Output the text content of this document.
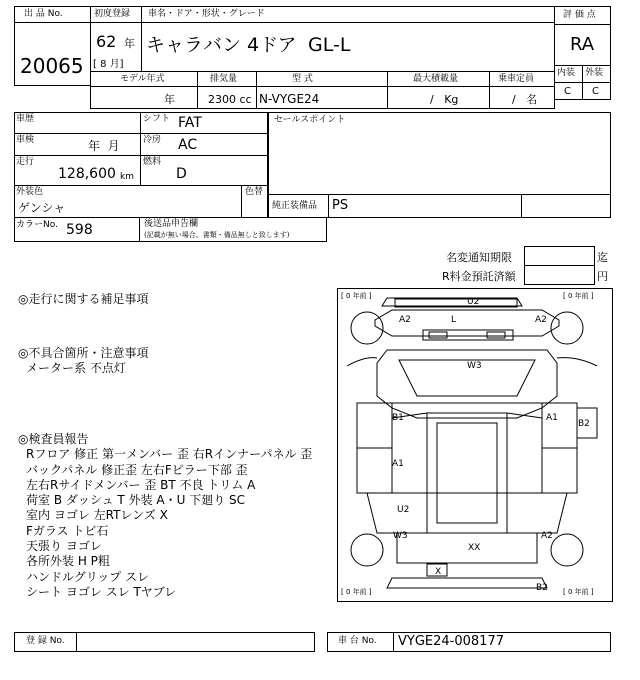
出 品 No.
20065
初度登録
62 年
[ 8 月]
車名・ドア・形状・グレード
キャラバン 4ドア GL-L
評 価 点
RA
内装 外装
C C
モデル年式	排気量	型 式	最大積載量	乗車定員
年	2300 cc N-VYGE24	/   Kg	/   名
車歴	シフト FAT
車検	年  月	冷房 AC
走行
128,600 km
燃料
D
外装色
ゲンシャ
色替
セールスポイント
純正装備品 PS
カラーNo. 598	後送品申告欄
(記載が無い場合、書類・備品無しと致します)
名変通知期限	迄
R料金預託済額	円
◎走行に関する補足事項
◎不具合箇所・注意事項
メーター系 不点灯
◎検査員報告
Rフロア 修正 第一メンバー 歪 右Rインナーパネル 歪
バックパネル 修正歪 左右Fピラー下部 歪
左右Rサイドメンバー 歪 BT 不良 トリム A
荷室 B ダッシュ T 外装 A・U 下廻り SC
室内 ヨゴレ 左RTレンズ X
Fガラス トビ石
天張り ヨゴレ
各所外装 H P粗
ハンドルグリップ スレ
シート ヨゴレ スレ Tヤブレ
[ 0 年前 ]	[ 0 年前 ]
[ 0 年前 ]	[ 0 年前 ]
U2
A2	L	A2
W3
B1
A1
A1
B2
U2
W3	A2
XX
X
B2
登 録 No.	車 台 No. VYGE24-008177
